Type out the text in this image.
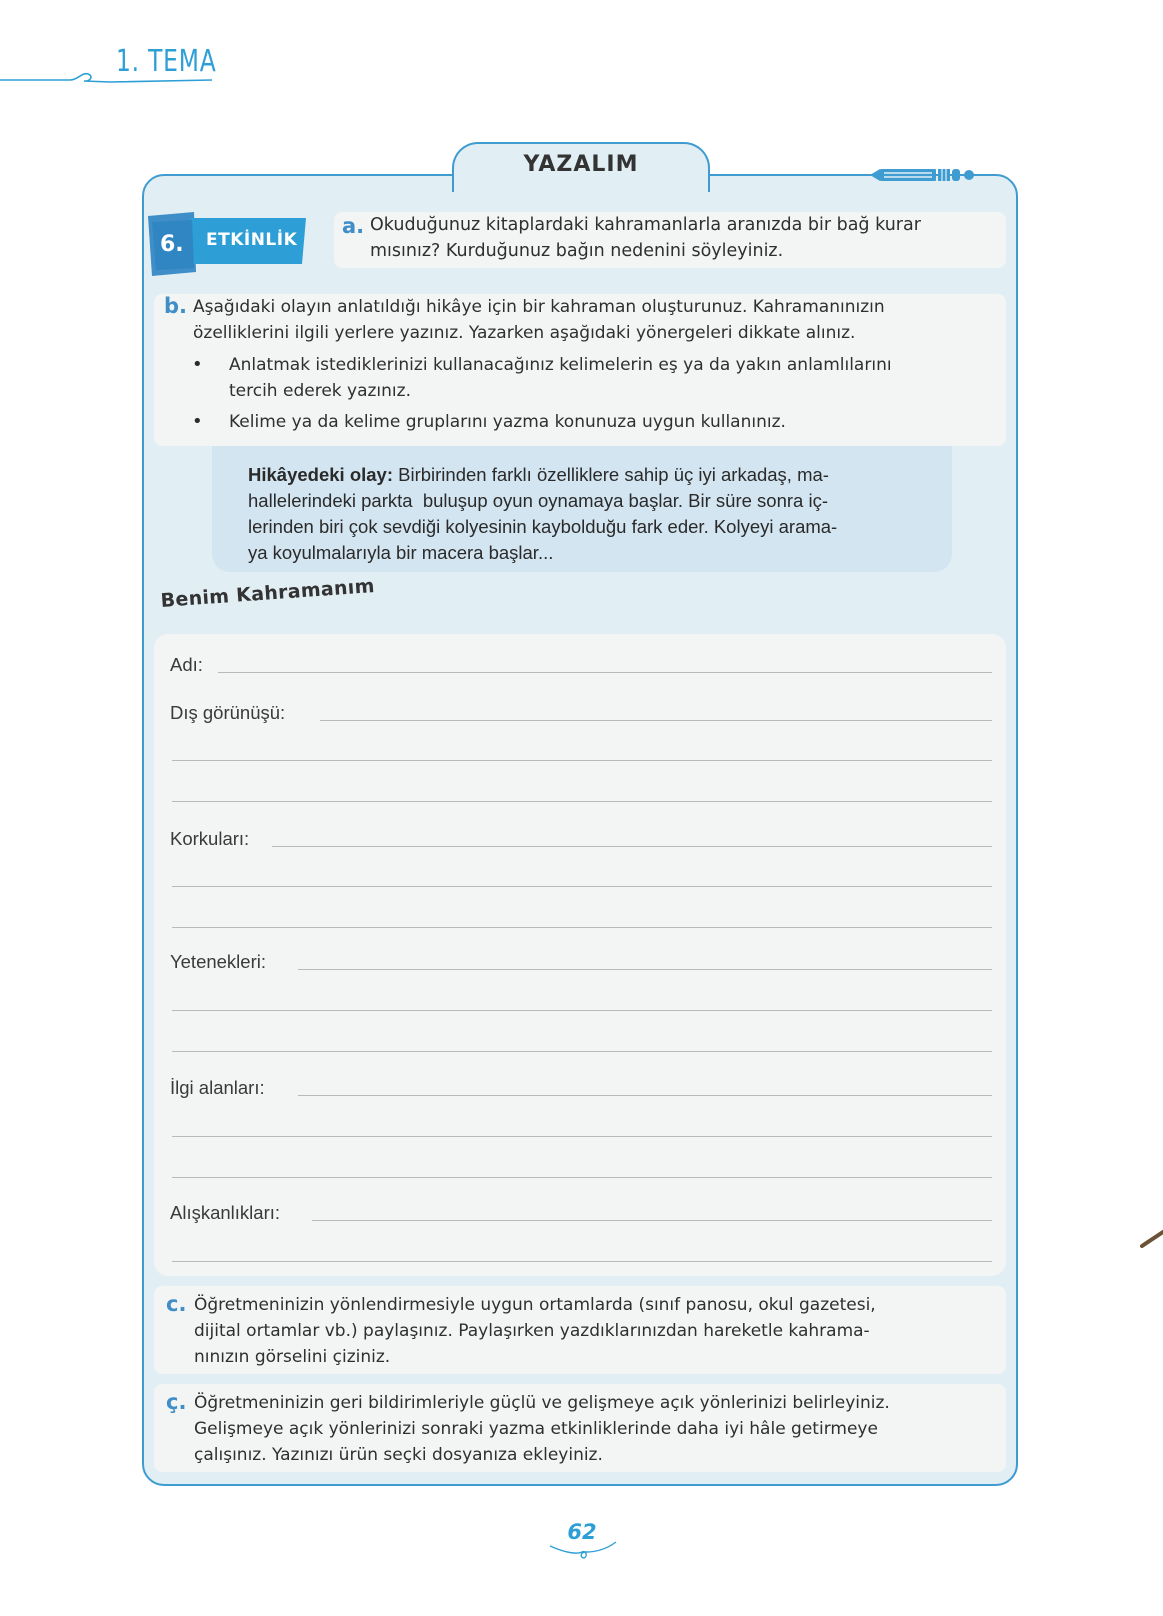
1. TEMA
YAZALIM
6. ETKİNLİK
a. Okuduğunuz kitaplardaki kahramanlarla aranızda bir bağ kurar
mısınız? Kurduğunuz bağın nedenini söyleyiniz.
b. Aşağıdaki olayın anlatıldığı hikâye için bir kahraman oluşturunuz. Kahramanınızın
özelliklerini ilgili yerlere yazınız. Yazarken aşağıdaki yönergeleri dikkate alınız.
• Anlatmak istediklerinizi kullanacağınız kelimelerin eş ya da yakın anlamlılarını
tercih ederek yazınız.
• Kelime ya da kelime gruplarını yazma konunuza uygun kullanınız.
Hikâyedeki olay: Birbirinden farklı özelliklere sahip üç iyi arkadaş, ma-
hallelerindeki parkta  buluşup oyun oynamaya başlar. Bir süre sonra iç-
lerinden biri çok sevdiği kolyesinin kaybolduğu fark eder. Kolyeyi arama-
ya koyulmalarıyla bir macera başlar...
Benim Kahramanım
Adı:
Dış görünüşü:
Korkuları:
Yetenekleri:
İlgi alanları:
Alışkanlıkları:
c. Öğretmeninizin yönlendirmesiyle uygun ortamlarda (sınıf panosu, okul gazetesi,
dijital ortamlar vb.) paylaşınız. Paylaşırken yazdıklarınızdan hareketle kahrama-
nınızın görselini çiziniz.
ç. Öğretmeninizin geri bildirimleriyle güçlü ve gelişmeye açık yönlerinizi belirleyiniz.
Gelişmeye açık yönlerinizi sonraki yazma etkinliklerinde daha iyi hâle getirmeye
çalışınız. Yazınızı ürün seçki dosyanıza ekleyiniz.
62
